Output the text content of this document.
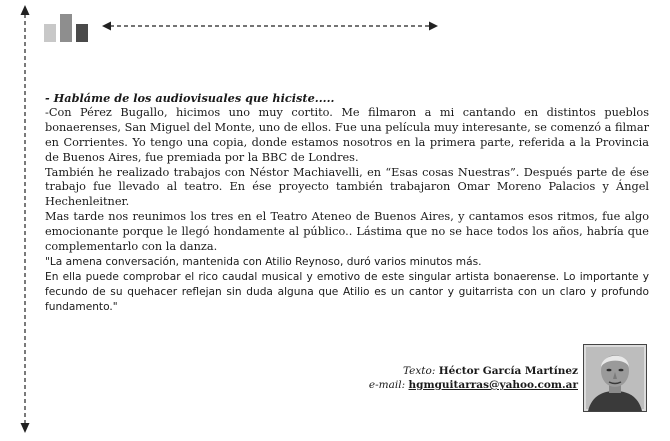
- Habláme de los audiovisuales que hiciste.....

-Con Pérez Bugallo, hicimos uno muy cortito. Me filmaron a mi cantando en distintos pueblos bonaerenses, San Miguel del Monte, uno de ellos. Fue una película muy interesante, se comenzó a filmar en Corrientes. Yo tengo una copia, donde estamos nosotros en la primera parte, referida a la Provincia de Buenos Aires, fue premiada por la BBC de Londres.

También he realizado trabajos con Néstor Machiavelli, en “Esas cosas Nuestras”. Después parte de ése trabajo fue llevado al teatro. En ése proyecto también trabajaron Omar Moreno Palacios y Ángel Hechenleitner.

Mas tarde nos reunimos los tres en el Teatro Ateneo de Buenos Aires, y cantamos esos ritmos, fue algo emocionante porque le llegó hondamente al público.. Lástima que no se hace todos los años, habría que complementarlo con la danza.

"La amena conversación, mantenida con Atilio Reynoso, duró varios minutos más.

En ella puede comprobar el rico caudal musical y emotivo de este singular artista bonaerense. Lo importante y fecundo de su quehacer reflejan sin duda alguna que Atilio es un cantor y guitarrista con un claro y profundo fundamento."

Texto: Héctor García Martínez
e-mail: hgmguitarras@yahoo.com.ar
